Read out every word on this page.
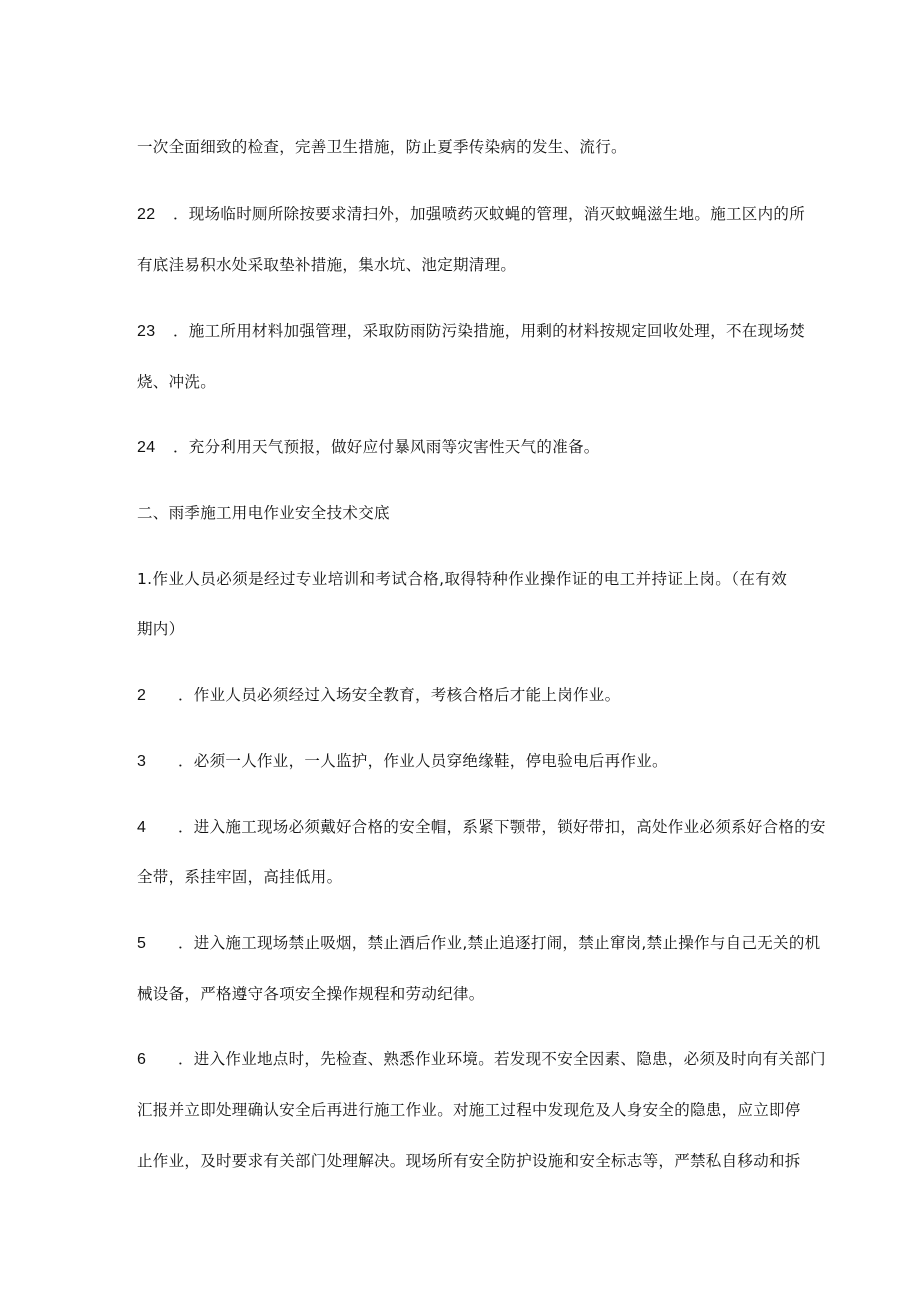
一次全面细致的检查，完善卫生措施，防止夏季传染病的发生、流行。
22 ．现场临时厕所除按要求清扫外，加强喷药灭蚊蝇的管理，消灭蚊蝇滋生地。施工区内的所
有底洼易积水处采取垫补措施，集水坑、池定期清理。
23 ．施工所用材料加强管理，采取防雨防污染措施，用剩的材料按规定回收处理，不在现场焚
烧、冲洗。
24 ．充分利用天气预报，做好应付暴风雨等灾害性天气的准备。
二、雨季施工用电作业安全技术交底
1.作业人员必须是经过专业培训和考试合格,取得特种作业操作证的电工并持证上岗。（在有效
期内）
2 ．作业人员必须经过入场安全教育，考核合格后才能上岗作业。
3 ．必须一人作业，一人监护，作业人员穿绝缘鞋，停电验电后再作业。
4 ．进入施工现场必须戴好合格的安全帽，系紧下颚带，锁好带扣，高处作业必须系好合格的安
全带，系挂牢固，高挂低用。
5 ．进入施工现场禁止吸烟，禁止酒后作业,禁止追逐打闹，禁止窜岗,禁止操作与自己无关的机
械设备，严格遵守各项安全操作规程和劳动纪律。
6 ．进入作业地点时，先检查、熟悉作业环境。若发现不安全因素、隐患，必须及时向有关部门
汇报并立即处理确认安全后再进行施工作业。对施工过程中发现危及人身安全的隐患，应立即停
止作业，及时要求有关部门处理解决。现场所有安全防护设施和安全标志等，严禁私自移动和拆
